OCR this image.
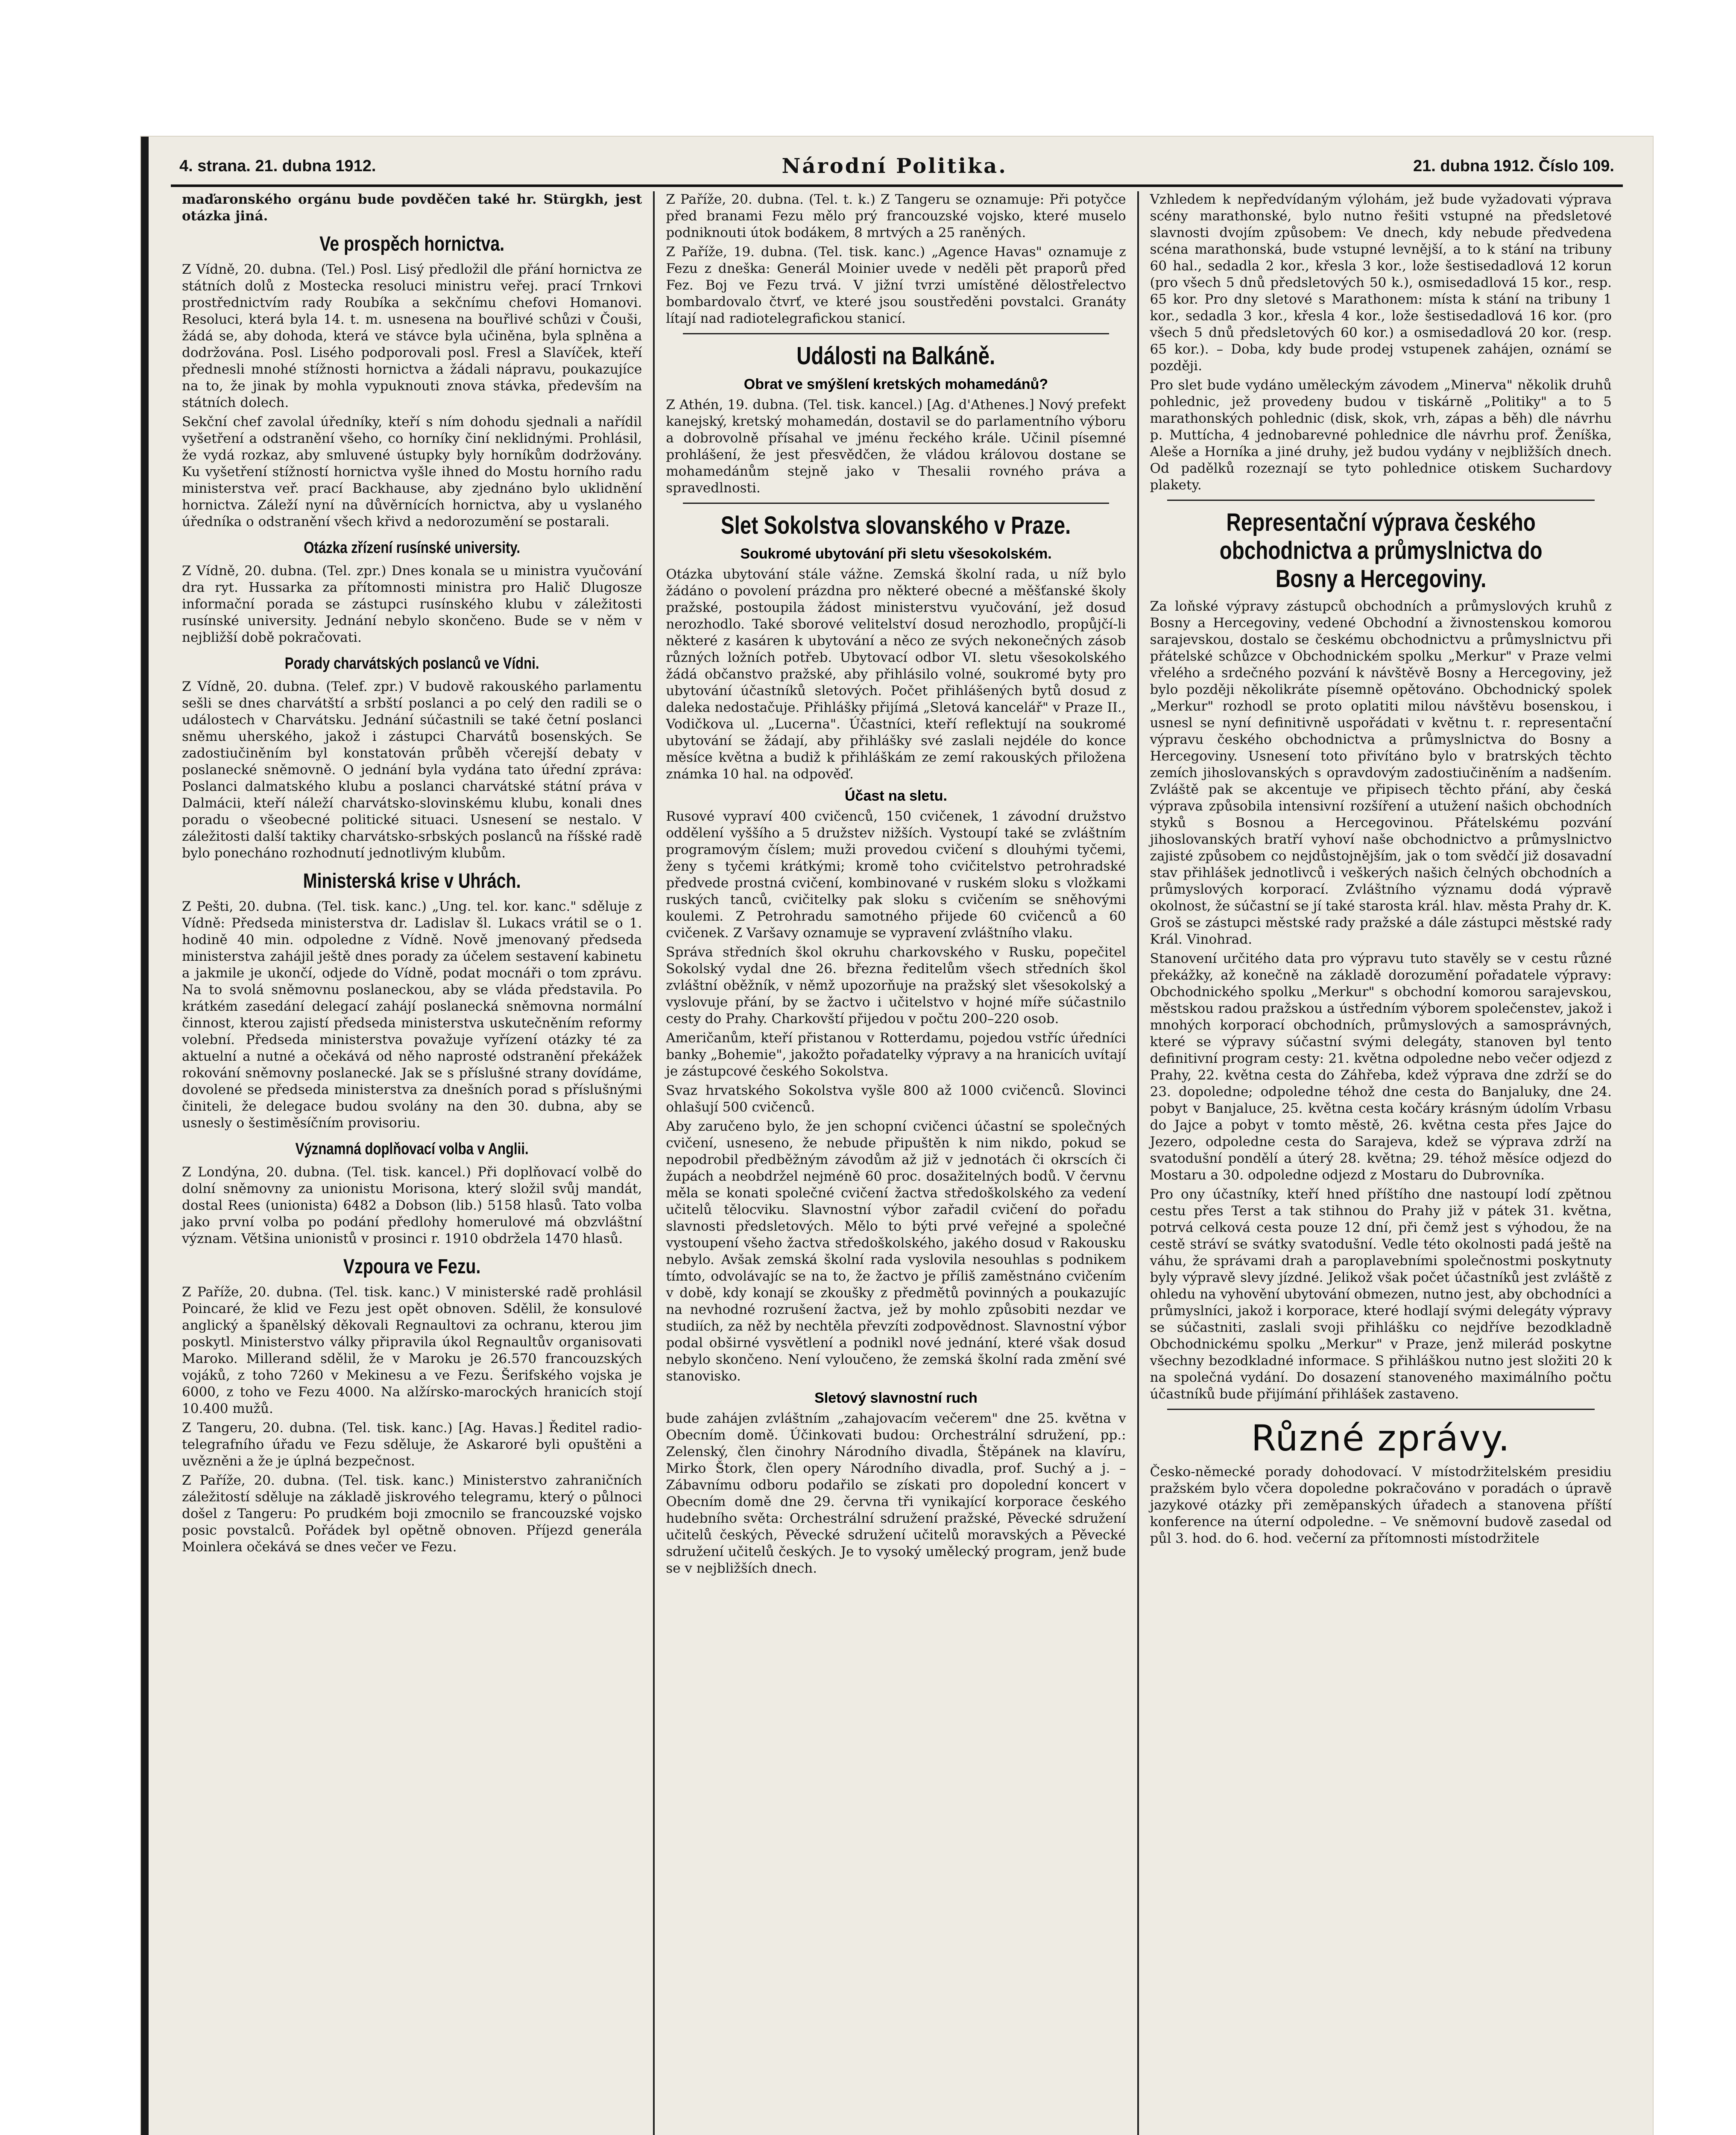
4. strana. 21. dubna 1912.	Národní Politika.	21. dubna 1912. Číslo 109.

maďaronského orgánu bude povděčen také hr. Stürgkh, jest otázka jiná.

Ve prospěch hornictva.

Z Vídně, 20. dubna. (Tel.) Posl. Lisý předložil dle přání hornictva ze státních dolů z Mostecka resoluci ministru veřej. prací Trnkovi prostřednictvím rady Roubíka a sekčnímu chefovi Homanovi. Resoluci, která byla 14. t. m. usnesena na bouřlivé schůzi v Čouši, žádá se, aby dohoda, která ve stávce byla učiněna, byla splněna a dodržována. Posl. Lisého podporovali posl. Fresl a Slavíček, kteří přednesli mnohé stížnosti hornictva a žádali nápravu, poukazujíce na to, že jinak by mohla vypuknouti znova stávka, především na státních dolech.

Sekční chef zavolal úředníky, kteří s ním dohodu sjednali a nařídil vyšetření a odstranění všeho, co horníky činí neklidnými. Prohlásil, že vydá rozkaz, aby smluvené ústupky byly horníkům dodržovány. Ku vyšetření stížností hornictva vyšle ihned do Mostu horního radu ministerstva veř. prací Backhause, aby zjednáno bylo uklidnění hornictva. Záleží nyní na důvěrnících hornictva, aby u vyslaného úředníka o odstranění všech křivd a nedorozumění se postarali.

Otázka zřízení rusínské university.

Z Vídně, 20. dubna. (Tel. zpr.) Dnes konala se u ministra vyučování dra ryt. Hussarka za přítomnosti ministra pro Halič Dlugosze informační porada se zástupci rusínského klubu v záležitosti rusínské university. Jednání nebylo skončeno. Bude se v něm v nejbližší době pokračovati.

Porady charvátských poslanců ve Vídni.

Z Vídně, 20. dubna. (Telef. zpr.) V budově rakouského parlamentu sešli se dnes charvátští a srbští poslanci a po celý den radili se o událostech v Charvátsku. Jednání súčastnili se také četní poslanci sněmu uherského, jakož i zástupci Charvátů bosenských. Se zadostiučiněním byl konstatován průběh včerejší debaty v poslanecké sněmovně. O jednání byla vydána tato úřední zpráva: Poslanci dalmatského klubu a poslanci charvátské státní práva v Dalmácii, kteří náleží charvátsko-slovinskému klubu, konali dnes poradu o všeobecné politické situaci. Usnesení se nestalo. V záležitosti další taktiky charvátsko-srbských poslanců na říšské radě bylo ponecháno rozhodnutí jednotlivým klubům.

Ministerská krise v Uhrách.

Z Pešti, 20. dubna. (Tel. tisk. kanc.) „Ung. tel. kor. kanc." sděluje z Vídně: Předseda ministerstva dr. Ladislav šl. Lukacs vrátil se o 1. hodině 40 min. odpoledne z Vídně. Nově jmenovaný předseda ministerstva zahájil ještě dnes porady za účelem sestavení kabinetu a jakmile je ukončí, odjede do Vídně, podat mocnáři o tom zprávu. Na to svolá sněmovnu poslaneckou, aby se vláda představila. Po krátkém zasedání delegací zahájí poslanecká sněmovna normální činnost, kterou zajistí předseda ministerstva uskutečněním reformy volební. Předseda ministerstva považuje vyřízení otázky té za aktuelní a nutné a očekává od něho naprosté odstranění překážek rokování sněmovny poslanecké. Jak se s příslušné strany dovídáme, dovolené se předseda ministerstva za dnešních porad s příslušnými činiteli, že delegace budou svolány na den 30. dubna, aby se usnesly o šestiměsíčním provisoriu.

Významná doplňovací volba v Anglii.

Z Londýna, 20. dubna. (Tel. tisk. kancel.) Při doplňovací volbě do dolní sněmovny za unionistu Morisona, který složil svůj mandát, dostal Rees (unionista) 6482 a Dobson (lib.) 5158 hlasů. Tato volba jako první volba po podání předlohy homerulové má obzvláštní význam. Většina unionistů v prosinci r. 1910 obdržela 1470 hlasů.

Vzpoura ve Fezu.

Z Paříže, 20. dubna. (Tel. tisk. kanc.) V ministerské radě prohlásil Poincaré, že klid ve Fezu jest opět obnoven. Sdělil, že konsulové anglický a španělský děkovali Regnaultovi za ochranu, kterou jim poskytl. Ministerstvo války připravila úkol Regnaultův organisovati Maroko. Millerand sdělil, že v Maroku je 26.570 francouzských vojáků, z toho 7260 v Mekinesu a ve Fezu. Šerifského vojska je 6000, z toho ve Fezu 4000. Na alžírsko-marockých hranicích stojí 10.400 mužů.

Z Tangeru, 20. dubna. (Tel. tisk. kanc.) [Ag. Havas.] Ředitel radio-telegrafního úřadu ve Fezu sděluje, že Askaroré byli opuštěni a uvězněni a že je úplná bezpečnost.

Z Paříže, 20. dubna. (Tel. tisk. kanc.) Ministerstvo zahraničních záležitostí sděluje na základě jiskrového telegramu, který o půlnoci došel z Tangeru: Po prudkém boji zmocnilo se francouzské vojsko posic povstalců. Pořádek byl opětně obnoven. Příjezd generála Moinlera očekává se dnes večer ve Fezu.

Z Paříže, 20. dubna. (Tel. t. k.) Z Tangeru se oznamuje: Při potyčce před branami Fezu mělo prý francouzské vojsko, které muselo podniknouti útok bodákem, 8 mrtvých a 25 raněných.

Z Paříže, 19. dubna. (Tel. tisk. kanc.) „Agence Havas" oznamuje z Fezu z dneška: Generál Moinier uvede v neděli pět praporů před Fez. Boj ve Fezu trvá. V jižní tvrzi umístěné dělostřelectvo bombardovalo čtvrť, ve které jsou soustředěni povstalci. Granáty lítají nad radiotelegrafickou stanicí.

Události na Balkáně.
Obrat ve smýšlení kretských mohamedánů?

Z Athén, 19. dubna. (Tel. tisk. kancel.) [Ag. d'Athenes.] Nový prefekt kanejský, kretský mohamedán, dostavil se do parlamentního výboru a dobrovolně přísahal ve jménu řeckého krále. Učinil písemné prohlášení, že jest přesvědčen, že vládou královou dostane se mohamedánům stejně jako v Thesalii rovného práva a spravedlnosti.

Slet Sokolstva slovanského v Praze.
Soukromé ubytování při sletu všesokolském.

Otázka ubytování stále vážne. Zemská školní rada, u níž bylo žádáno o povolení prázdna pro některé obecné a měšťanské školy pražské, postoupila žádost ministerstvu vyučování, jež dosud nerozhodlo. Také sborové velitelství dosud nerozhodlo, propůjčí-li některé z kasáren k ubytování a něco ze svých nekonečných zásob různých ložních potřeb. Ubytovací odbor VI. sletu všesokolského žádá občanstvo pražské, aby přihlásilo volné, soukromé byty pro ubytování účastníků sletových. Počet přihlášených bytů dosud z daleka nedostačuje. Přihlášky přijímá „Sletová kancelář" v Praze II., Vodičkova ul. „Lucerna". Účastníci, kteří reflektují na soukromé ubytování se žádají, aby přihlášky své zaslali nejdéle do konce měsíce května a budiž k přihláškám ze zemí rakouských přiložena známka 10 hal. na odpověď.

Účast na sletu.

Rusové vypraví 400 cvičenců, 150 cvičenek, 1 závodní družstvo oddělení vyššího a 5 družstev nižších. Vystoupí také se zvláštním programovým číslem; muži provedou cvičení s dlouhými tyčemi, ženy s tyčemi krátkými; kromě toho cvičitelstvo petrohradské předvede prostná cvičení, kombinované v ruském sloku s vložkami ruských tanců, cvičitelky pak sloku s cvičením se sněhovými koulemi. Z Petrohradu samotného přijede 60 cvičenců a 60 cvičenek. Z Varšavy oznamuje se vypravení zvláštního vlaku.

Správa středních škol okruhu charkovského v Rusku, popečitel Sokolský vydal dne 26. března ředitelům všech středních škol zvláštní oběžník, v němž upozorňuje na pražský slet všesokolský a vyslovuje přání, by se žactvo i učitelstvo v hojné míře súčastnilo cesty do Prahy. Charkovští přijedou v počtu 200–220 osob.

Američanům, kteří přistanou v Rotterdamu, pojedou vstříc úředníci banky „Bohemie", jakožto pořadatelky výpravy a na hranicích uvítají je zástupcové českého Sokolstva.

Svaz hrvatského Sokolstva vyšle 800 až 1000 cvičenců. Slovinci ohlašují 500 cvičenců.

Aby zaručeno bylo, že jen schopní cvičenci účastní se společných cvičení, usneseno, že nebude připuštěn k nim nikdo, pokud se nepodrobil předběžným závodům až již v jednotách či okrscích či župách a neobdržel nejméně 60 proc. dosažitelných bodů. V červnu měla se konati společné cvičení žactva středoškolského za vedení učitelů tělocviku. Slavnostní výbor zařadil cvičení do pořadu slavnosti předsletových. Mělo to býti prvé veřejné a společné vystoupení všeho žactva středoškolského, jakého dosud v Rakousku nebylo. Avšak zemská školní rada vyslovila nesouhlas s podnikem tímto, odvolávajíc se na to, že žactvo je příliš zaměstnáno cvičením v době, kdy konají se zkoušky z předmětů povinných a poukazujíc na nevhodné rozrušení žactva, jež by mohlo způsobiti nezdar ve studiích, za něž by nechtěla převzíti zodpovědnost. Slavnostní výbor podal obširné vysvětlení a podnikl nové jednání, které však dosud nebylo skončeno. Není vyloučeno, že zemská školní rada změní své stanovisko.

Sletový slavnostní ruch

bude zahájen zvláštním „zahajovacím večerem" dne 25. května v Obecním domě. Účinkovati budou: Orchestrální sdružení, pp.: Zelenský, člen činohry Národního divadla, Štěpánek na klavíru, Mirko Štork, člen opery Národního divadla, prof. Suchý a j. – Zábavnímu odboru podařilo se získati pro dopolední koncert v Obecním domě dne 29. června tři vynikající korporace českého hudebního světa: Orchestrální sdružení pražské, Pěvecké sdružení učitelů českých, Pěvecké sdružení učitelů moravských a Pěvecké sdružení učitelů českých. Je to vysoký umělecký program, jenž bude se v nejbližších dnech.

Vzhledem k nepředvídaným výlohám, jež bude vyžadovati výprava scény marathonské, bylo nutno řešiti vstupné na předsletové slavnosti dvojím způsobem: Ve dnech, kdy nebude předvedena scéna marathonská, bude vstupné levnější, a to k stání na tribuny 60 hal., sedadla 2 kor., křesla 3 kor., lože šestisedadlová 12 korun (pro všech 5 dnů předsletových 50 k.), osmisedadlová 15 kor., resp. 65 kor. Pro dny sletové s Marathonem: místa k stání na tribuny 1 kor., sedadla 3 kor., křesla 4 kor., lože šestisedadlová 16 kor. (pro všech 5 dnů předsletových 60 kor.) a osmisedadlová 20 kor. (resp. 65 kor.). – Doba, kdy bude prodej vstupenek zahájen, oznámí se později.

Pro slet bude vydáno uměleckým závodem „Minerva" několik druhů pohlednic, jež provedeny budou v tiskárně „Politiky" a to 5 marathonských pohlednic (disk, skok, vrh, zápas a běh) dle návrhu p. Muttícha, 4 jednobarevné pohlednice dle návrhu prof. Ženíška, Aleše a Horníka a jiné druhy, jež budou vydány v nejbližších dnech. Od padělků rozeznají se tyto pohlednice otiskem Suchardovy plakety.

Representační výprava českého obchodnictva a průmyslnictva do Bosny a Hercegoviny.

Za loňské výpravy zástupců obchodních a průmyslových kruhů z Bosny a Hercegoviny, vedené Obchodní a živnostenskou komorou sarajevskou, dostalo se českému obchodnictvu a průmyslnictvu při přátelské schůzce v Obchodnickém spolku „Merkur" v Praze velmi vřelého a srdečného pozvání k návštěvě Bosny a Hercegoviny, jež bylo později několikráte písemně opětováno. Obchodnický spolek „Merkur" rozhodl se proto oplatiti milou návštěvu bosenskou, i usnesl se nyní definitivně uspořádati v květnu t. r. representační výpravu českého obchodnictva a průmyslnictva do Bosny a Hercegoviny. Usnesení toto přivítáno bylo v bratrských těchto zemích jihoslovanských s opravdovým zadostiučiněním a nadšením. Zvláště pak se akcentuje ve připisech těchto přání, aby česká výprava způsobila intensivní rozšíření a utužení našich obchodních styků s Bosnou a Hercegovinou. Přátelskému pozvání jihoslovanských bratří vyhoví naše obchodnictvo a průmyslnictvo zajisté způsobem co nejdůstojnějším, jak o tom svědčí již dosavadní stav přihlášek jednotlivců i veškerých našich čelných obchodních a průmyslových korporací. Zvláštního významu dodá výpravě okolnost, že súčastní se jí také starosta král. hlav. města Prahy dr. K. Groš se zástupci městské rady pražské a dále zástupci městské rady Král. Vinohrad.

Stanovení určitého data pro výpravu tuto stavěly se v cestu různé překážky, až konečně na základě dorozumění pořadatele výpravy: Obchodnického spolku „Merkur" s obchodní komorou sarajevskou, městskou radou pražskou a ústředním výborem společenstev, jakož i mnohých korporací obchodních, průmyslových a samosprávných, které se výpravy súčastní svými delegáty, stanoven byl tento definitivní program cesty: 21. května odpoledne nebo večer odjezd z Prahy, 22. května cesta do Záhřeba, kdež výprava dne zdrží se do 23. dopoledne; odpoledne téhož dne cesta do Banjaluky, dne 24. pobyt v Banjaluce, 25. května cesta kočáry krásným údolím Vrbasu do Jajce a pobyt v tomto městě, 26. května cesta přes Jajce do Jezero, odpoledne cesta do Sarajeva, kdež se výprava zdrží na svatodušní pondělí a úterý 28. května; 29. téhož měsíce odjezd do Mostaru a 30. odpoledne odjezd z Mostaru do Dubrovníka.

Pro ony účastníky, kteří hned příštího dne nastoupí lodí zpětnou cestu přes Terst a tak stihnou do Prahy již v pátek 31. května, potrvá celková cesta pouze 12 dní, při čemž jest s výhodou, že na cestě stráví se svátky svatodušní. Vedle této okolnosti padá ještě na váhu, že správami drah a paroplavebními společnostmi poskytnuty byly výpravě slevy jízdné. Jelikož však počet účastníků jest zvláště z ohledu na vyhovění ubytování obmezen, nutno jest, aby obchodníci a průmyslníci, jakož i korporace, které hodlají svými delegáty výpravy se súčastniti, zaslali svoji přihlášku co nejdříve bezodkladně Obchodnickému spolku „Merkur" v Praze, jenž milerád poskytne všechny bezodkladné informace. S přihláškou nutno jest složiti 20 k na společná vydání. Do dosazení stanoveného maximálního počtu účastníků bude přijímání přihlášek zastaveno.

Různé zprávy.

Česko-německé porady dohodovací. V místodržitelském presidiu pražském bylo včera dopoledne pokračováno v poradách o úpravě jazykové otázky při zeměpanských úřadech a stanovena příští konference na úterní odpoledne. – Ve sněmovní budově zasedal od půl 3. hod. do 6. hod. večerní za přítomnosti místodržitele
